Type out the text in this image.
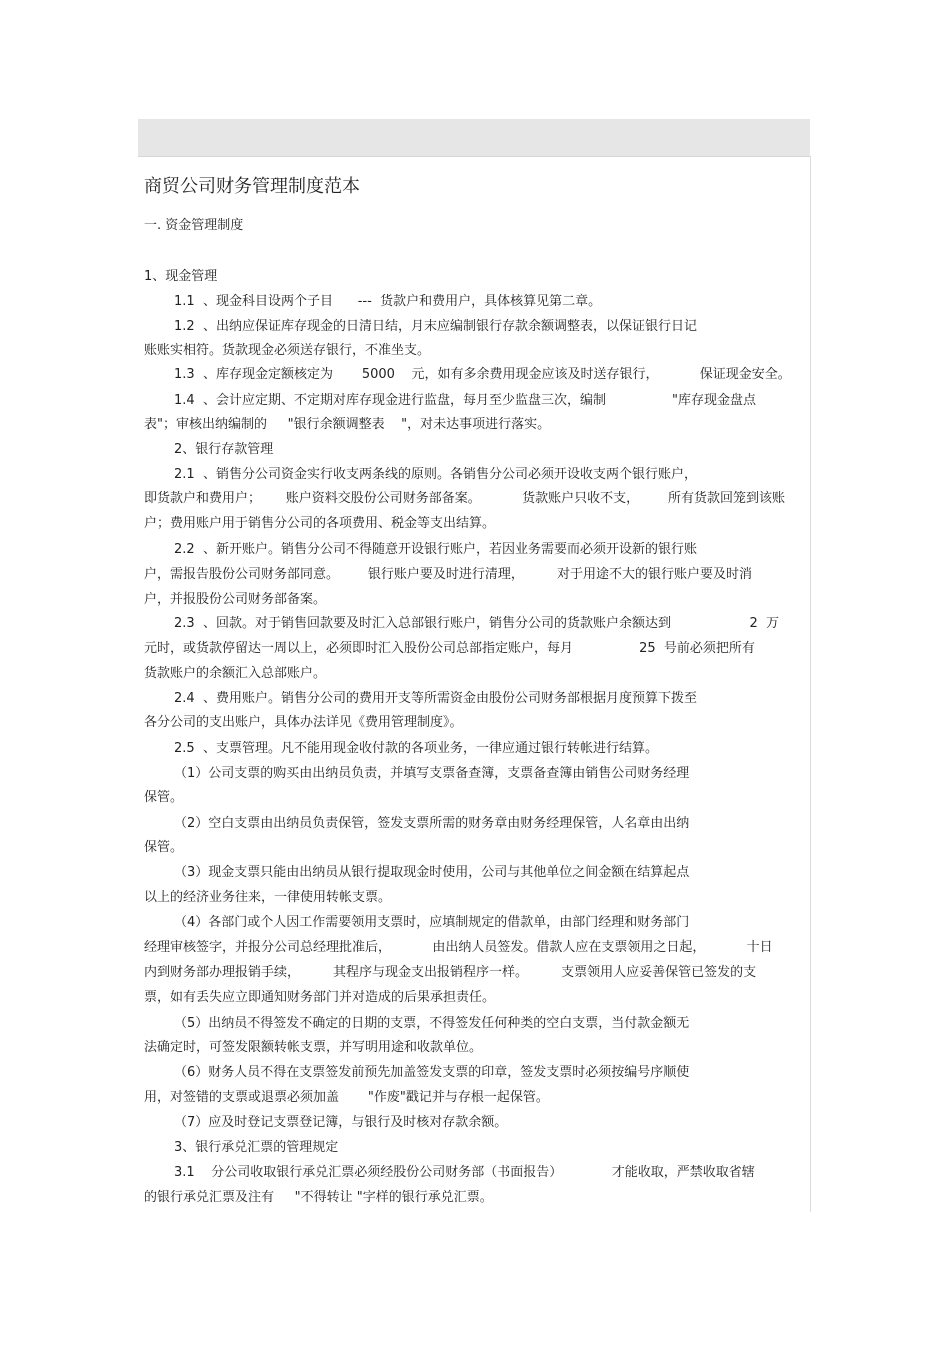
商贸公司财务管理制度范本
一. 资金管理制度
1、现金管理
1.1  、现金科目设两个子目      ---  货款户和费用户，具体核算见第二章。
1.2  、出纳应保证库存现金的日清日结，月末应编制银行存款余额调整表，以保证银行日记
账账实相符。货款现金必须送存银行，不准坐支。
1.3  、库存现金定额核定为       5000    元，如有多余费用现金应该及时送存银行，          保证现金安全。
1.4  、会计应定期、不定期对库存现金进行监盘，每月至少监盘三次，编制                "库存现金盘点
表"；审核出纳编制的     "银行余额调整表    "，对未达事项进行落实。
2、银行存款管理
2.1  、销售分公司资金实行收支两条线的原则。各销售分公司必须开设收支两个银行账户，
即货款户和费用户；      账户资料交股份公司财务部备案。          货款账户只收不支，       所有货款回笼到该账
户；费用账户用于销售分公司的各项费用、税金等支出结算。
2.2  、新开账户。销售分公司不得随意开设银行账户，若因业务需要而必须开设新的银行账
户，需报告股份公司财务部同意。       银行账户要及时进行清理，        对于用途不大的银行账户要及时消
户，并报股份公司财务部备案。
2.3  、回款。对于销售回款要及时汇入总部银行账户，销售分公司的货款账户余额达到                   2  万
元时，或货款停留达一周以上，必须即时汇入股份公司总部指定账户，每月                25  号前必须把所有
货款账户的余额汇入总部账户。
2.4  、费用账户。销售分公司的费用开支等所需资金由股份公司财务部根据月度预算下拨至
各分公司的支出账户，具体办法详见《费用管理制度》。
2.5  、支票管理。凡不能用现金收付款的各项业务，一律应通过银行转帐进行结算。
（1）公司支票的购买由出纳员负责，并填写支票备查簿，支票备查簿由销售公司财务经理
保管。
（2）空白支票由出纳员负责保管，签发支票所需的财务章由财务经理保管，人名章由出纳
保管。
（3）现金支票只能由出纳员从银行提取现金时使用，公司与其他单位之间金额在结算起点
以上的经济业务往来，一律使用转帐支票。
（4）各部门或个人因工作需要领用支票时，应填制规定的借款单，由部门经理和财务部门
经理审核签字，并报分公司总经理批准后，          由出纳人员签发。借款人应在支票领用之日起，          十日
内到财务部办理报销手续，        其程序与现金支出报销程序一样。        支票领用人应妥善保管已签发的支
票，如有丢失应立即通知财务部门并对造成的后果承担责任。
（5）出纳员不得签发不确定的日期的支票，不得签发任何种类的空白支票，当付款金额无
法确定时，可签发限额转帐支票，并写明用途和收款单位。
（6）财务人员不得在支票签发前预先加盖签发支票的印章，签发支票时必须按编号序顺使
用，对签错的支票或退票必须加盖       "作废"戳记并与存根一起保管。
（7）应及时登记支票登记簿，与银行及时核对存款余额。
3、银行承兑汇票的管理规定
3.1    分公司收取银行承兑汇票必须经股份公司财务部（书面报告）            才能收取，严禁收取省辖
的银行承兑汇票及注有     "不得转让 "字样的银行承兑汇票。
